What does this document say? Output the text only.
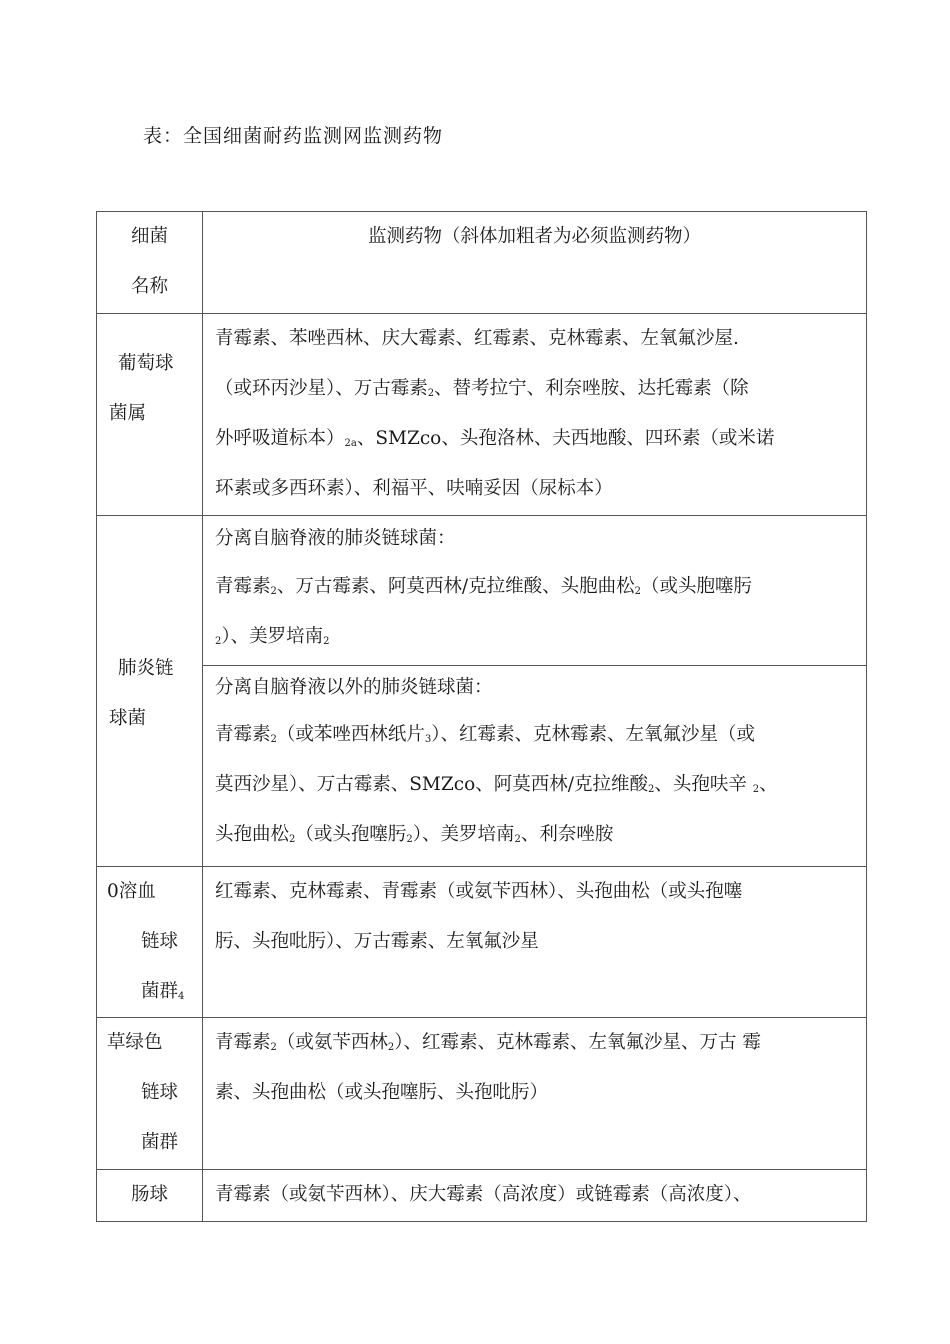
表：全国细菌耐药监测网监测药物
细菌
名称	监测药物（斜体加粗者为必须监测药物）

葡萄球
菌属	青霉素、苯唑西林、庆大霉素、红霉素、克林霉素、左氧氟沙屋.
（或环丙沙星）、万古霉素$_2$、替考拉宁、利奈唑胺、达托霉素（除
外呼吸道标本）$_{2a}$、SMZco、头孢洛林、夫西地酸、四环素（或米诺
环素或多西环素）、利福平、呋喃妥因（尿标本）

肺炎链
球菌	分离自脑脊液的肺炎链球菌：
青霉素$_2$、万古霉素、阿莫西林/克拉维酸、头胞曲松$_2$（或头胞噻肟
$_2$）、美罗培南$_2$

	分离自脑脊液以外的肺炎链球菌：
青霉素$_2$（或苯唑西林纸片$_3$）、红霉素、克林霉素、左氧氟沙星（或
莫西沙星）、万古霉素、SMZco、阿莫西林/克拉维酸$_2$、头孢呋辛 $_2$、
头孢曲松$_2$（或头孢噻肟$_2$）、美罗培南$_2$、利奈唑胺

0溶血
链球
菌群$_4$	红霉素、克林霉素、青霉素（或氨苄西林）、头孢曲松（或头孢噻
肟、头孢吡肟）、万古霉素、左氧氟沙星

草绿色
链球
菌群	青霉素$_2$（或氨苄西林$_2$）、红霉素、克林霉素、左氧氟沙星、万古 霉
素、头孢曲松（或头孢噻肟、头孢吡肟）

肠球	青霉素（或氨苄西林）、庆大霉素（高浓度）或链霉素（高浓度）、
